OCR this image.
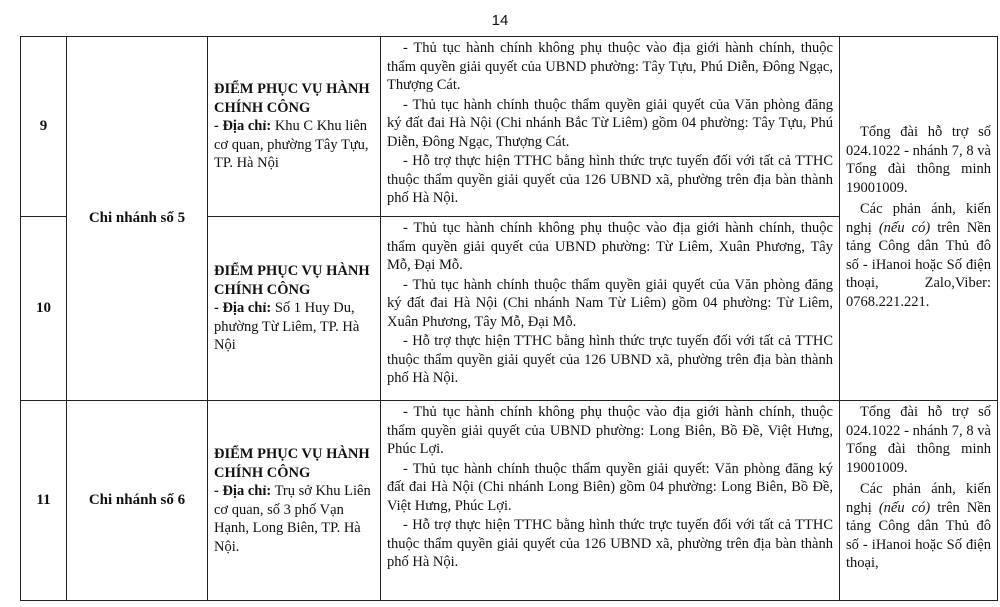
14
9	Chi nhánh số 5	ĐIỂM PHỤC VỤ HÀNH CHÍNH CÔNG
- Địa chỉ: Khu C Khu liên cơ quan, phường Tây Tựu, TP. Hà Nội	- Thủ tục hành chính không phụ thuộc vào địa giới hành chính, thuộc thẩm quyền giải quyết của UBND phường: Tây Tựu, Phú Diễn, Đông Ngạc, Thượng Cát.
- Thủ tục hành chính thuộc thẩm quyền giải quyết của Văn phòng đăng ký đất đai Hà Nội (Chi nhánh Bắc Từ Liêm) gồm 04 phường: Tây Tựu, Phú Diễn, Đông Ngạc, Thượng Cát.
- Hỗ trợ thực hiện TTHC bằng hình thức trực tuyến đối với tất cả TTHC thuộc thẩm quyền giải quyết của 126 UBND xã, phường trên địa bàn thành phố Hà Nội.	Tổng đài hỗ trợ số 024.1022 - nhánh 7, 8 và Tổng đài thông minh 19001009.
Các phản ánh, kiến nghị (nếu có) trên Nền tảng Công dân Thủ đô số - iHanoi hoặc Số điện thoại, Zalo,Viber: 0768.221.221.

10		ĐIỂM PHỤC VỤ HÀNH CHÍNH CÔNG
- Địa chỉ: Số 1 Huy Du, phường Từ Liêm, TP. Hà Nội	- Thủ tục hành chính không phụ thuộc vào địa giới hành chính, thuộc thẩm quyền giải quyết của UBND phường: Từ Liêm, Xuân Phương, Tây Mỗ, Đại Mỗ.
- Thủ tục hành chính thuộc thẩm quyền giải quyết của Văn phòng đăng ký đất đai Hà Nội (Chi nhánh Nam Từ Liêm) gồm 04 phường: Từ Liêm, Xuân Phương, Tây Mỗ, Đại Mỗ.
- Hỗ trợ thực hiện TTHC bằng hình thức trực tuyến đối với tất cả TTHC thuộc thẩm quyền giải quyết của 126 UBND xã, phường trên địa bàn thành phố Hà Nội.	

11	Chi nhánh số 6	ĐIỂM PHỤC VỤ HÀNH CHÍNH CÔNG
- Địa chỉ: Trụ sở Khu Liên cơ quan, số 3 phố Vạn Hạnh, Long Biên, TP. Hà Nội.	- Thủ tục hành chính không phụ thuộc vào địa giới hành chính, thuộc thẩm quyền giải quyết của UBND phường: Long Biên, Bồ Đề, Việt Hưng, Phúc Lợi.
- Thủ tục hành chính thuộc thẩm quyền giải quyết: Văn phòng đăng ký đất đai Hà Nội (Chi nhánh Long Biên) gồm 04 phường: Long Biên, Bồ Đề, Việt Hưng, Phúc Lợi.
- Hỗ trợ thực hiện TTHC bằng hình thức trực tuyến đối với tất cả TTHC thuộc thẩm quyền giải quyết của 126 UBND xã, phường trên địa bàn thành phố Hà Nội.	Tổng đài hỗ trợ số 024.1022 - nhánh 7, 8 và Tổng đài thông minh 19001009.
Các phản ánh, kiến nghị (nếu có) trên Nền tảng Công dân Thủ đô số - iHanoi hoặc Số điện thoại,
